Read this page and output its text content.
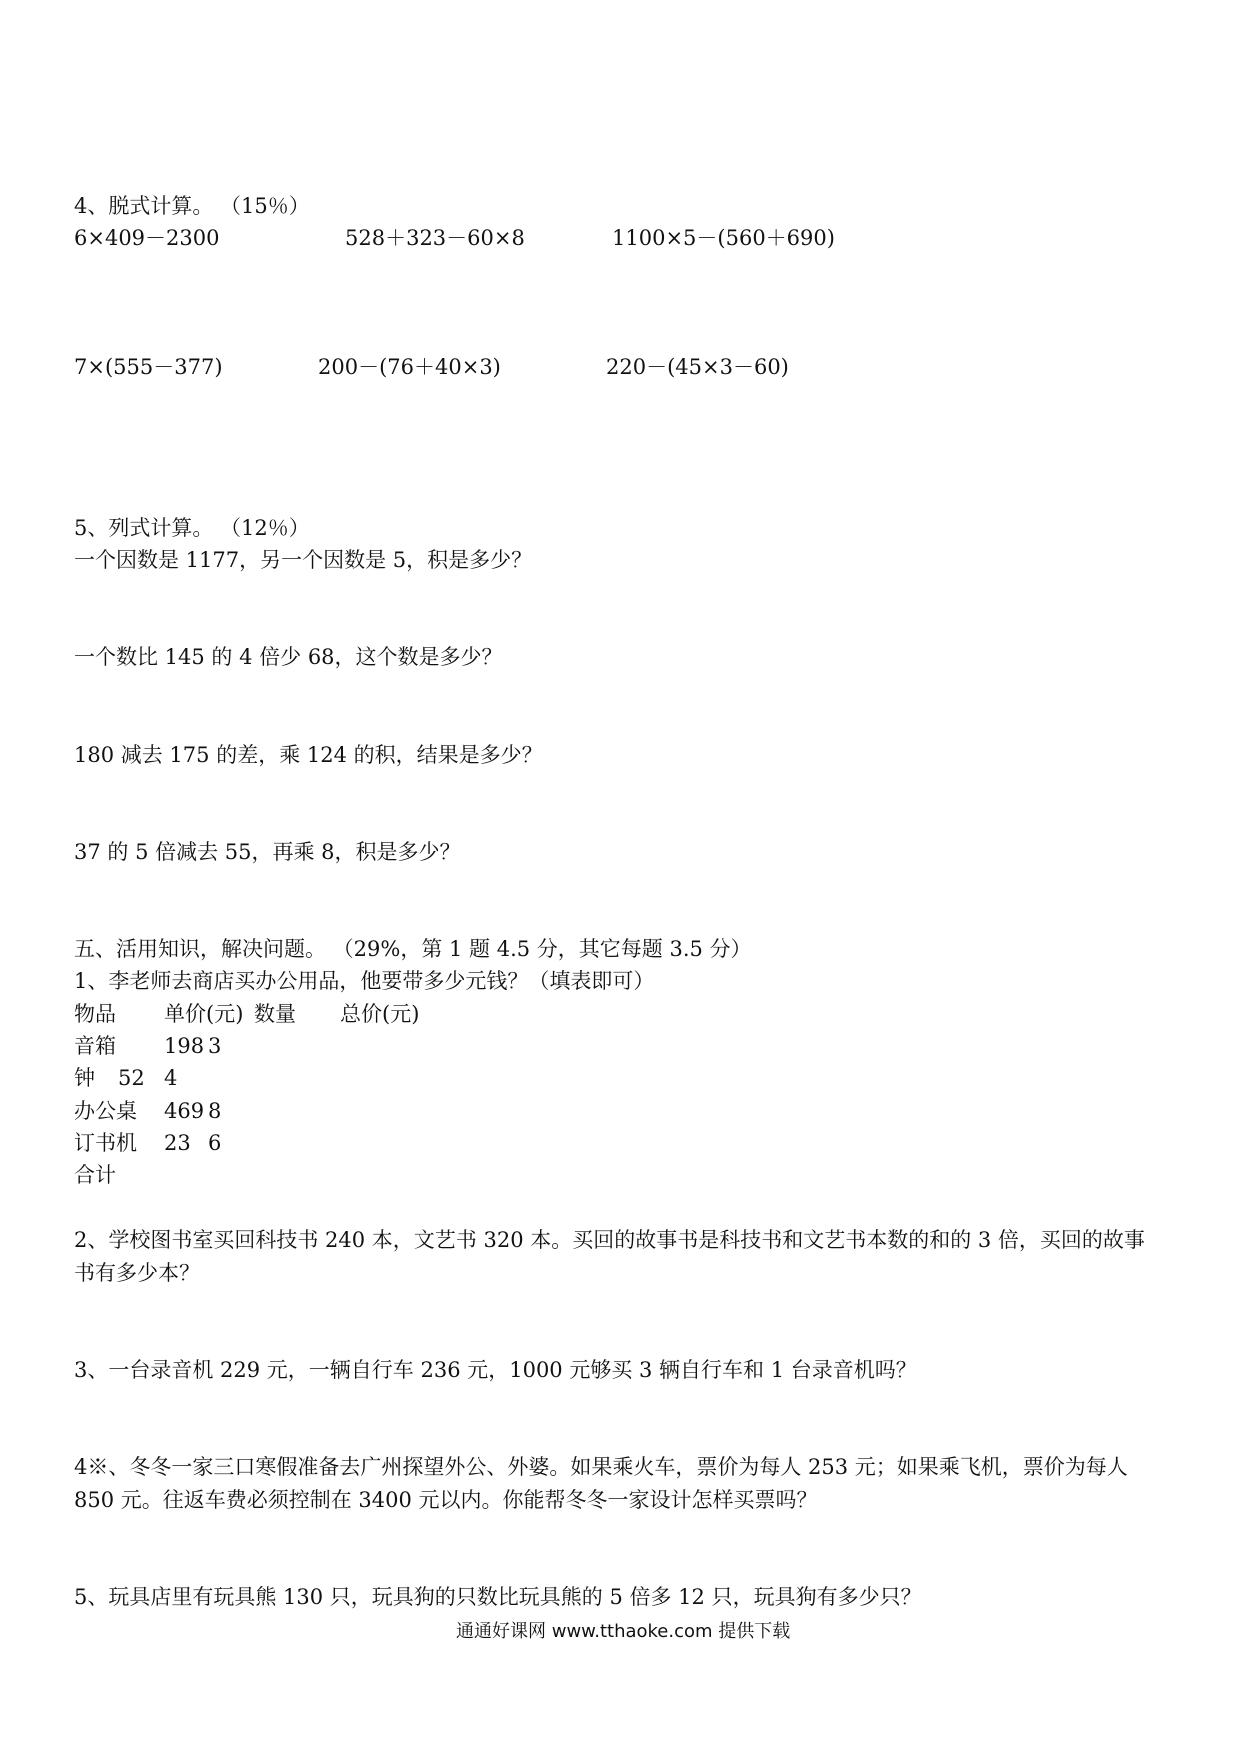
4、脱式计算。 （15％）
6×409－2300	528＋323－60×8	1100×5－(560＋690)
7×(555－377)	200－(76＋40×3)	220－(45×3－60)
5、列式计算。 （12％）
一个因数是 1177，另一个因数是 5，积是多少？
一个数比 145 的 4 倍少 68，这个数是多少？
180 减去 175 的差，乘 124 的积，结果是多少？
37 的 5 倍减去 55，再乘 8，积是多少？
五、活用知识，解决问题。 （29%，第 1 题 4.5 分，其它每题 3.5 分）
1、李老师去商店买办公用品，他要带多少元钱？（填表即可）
物品 单价(元) 数量 总价(元)
音箱 198 3
钟 52 4
办公桌 469 8
订书机 23 6
合计
2、学校图书室买回科技书 240 本，文艺书 320 本。买回的故事书是科技书和文艺书本数的和的 3 倍，买回的故事
书有多少本？
3、一台录音机 229 元，一辆自行车 236 元，1000 元够买 3 辆自行车和 1 台录音机吗？
4※、冬冬一家三口寒假准备去广州探望外公、外婆。如果乘火车，票价为每人 253 元；如果乘飞机，票价为每人
850 元。往返车费必须控制在 3400 元以内。你能帮冬冬一家设计怎样买票吗？
5、玩具店里有玩具熊 130 只，玩具狗的只数比玩具熊的 5 倍多 12 只，玩具狗有多少只？
通通好课网 www.tthaoke.com 提供下载
